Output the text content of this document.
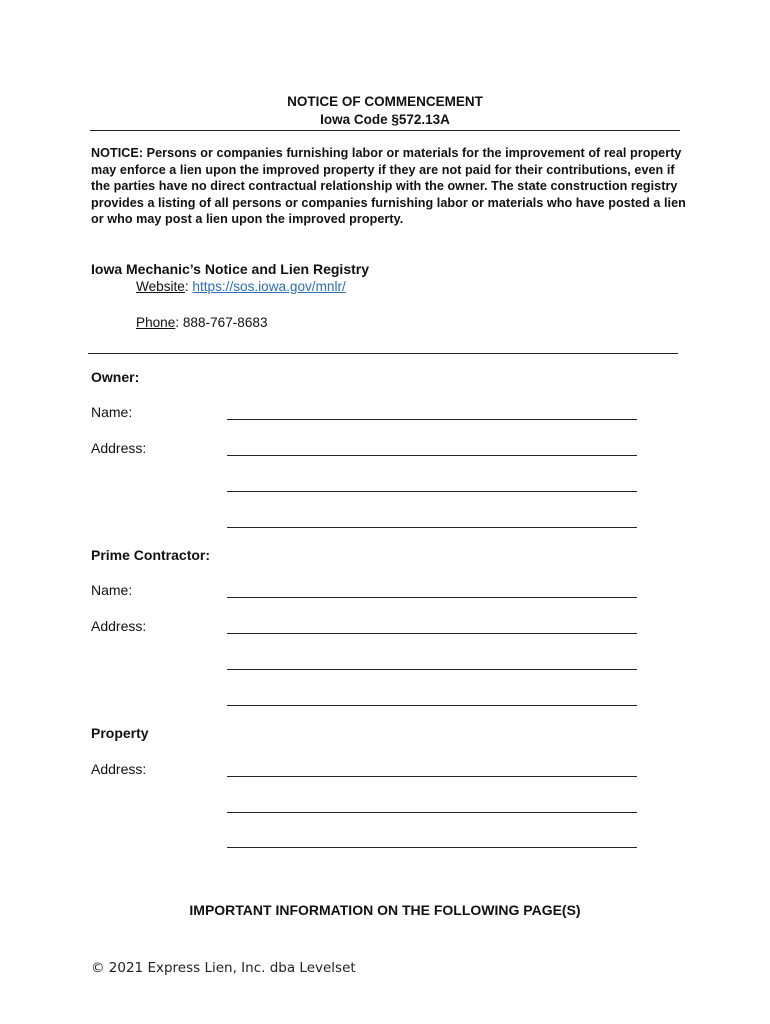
NOTICE OF COMMENCEMENT
Iowa Code §572.13A

NOTICE: Persons or companies furnishing labor or materials for the improvement of real property may enforce a lien upon the improved property if they are not paid for their contributions, even if the parties have no direct contractual relationship with the owner. The state construction registry provides a listing of all persons or companies furnishing labor or materials who have posted a lien or who may post a lien upon the improved property.

Iowa Mechanic’s Notice and Lien Registry
Website: https://sos.iowa.gov/mnlr/
Phone: 888-767-8683
Owner:
Name:
Address:
Prime Contractor:
Name:
Address:
Property
Address:
IMPORTANT INFORMATION ON THE FOLLOWING PAGE(S)
© 2021 Express Lien, Inc. dba Levelset
